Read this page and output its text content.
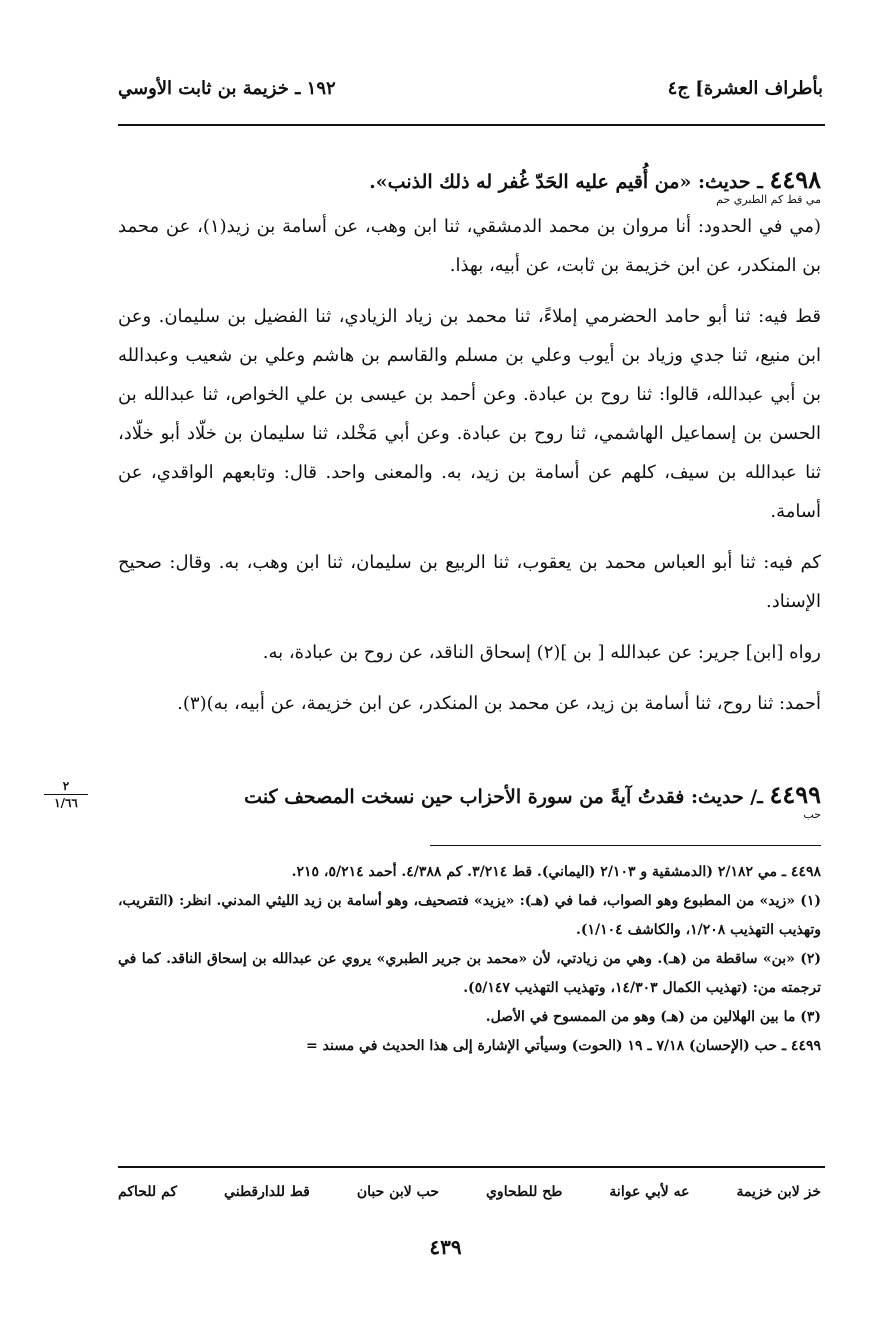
بأطراف العشرة] ج٤
١٩٢ ـ خزيمة بن ثابت الأوسي
٤٤٩٨ ـ حديث: «من أُقيم عليه الحَدّ غُفر له ذلك الذنب».
مي قط كم الطبري حم

(مي في الحدود: أنا مروان بن محمد الدمشقي، ثنا ابن وهب، عن أسامة بن زيد(١)، عن محمد بن المنكدر، عن ابن خزيمة بن ثابت، عن أبيه، بهذا.

قط فيه: ثنا أبو حامد الحضرمي إملاءً، ثنا محمد بن زياد الزيادي، ثنا الفضيل بن سليمان. وعن ابن منيع، ثنا جدي وزياد بن أيوب وعلي بن مسلم والقاسم بن هاشم وعلي بن شعيب وعبدالله بن أبي عبدالله، قالوا: ثنا روح بن عبادة. وعن أحمد بن عيسى بن علي الخواص، ثنا عبدالله بن الحسن بن إسماعيل الهاشمي، ثنا روح بن عبادة. وعن أبي مَخْلد، ثنا سليمان بن خلّاد أبو خلّاد، ثنا عبدالله بن سيف، كلهم عن أسامة بن زيد، به. والمعنى واحد. قال: وتابعهم الواقدي، عن أسامة.

كم فيه: ثنا أبو العباس محمد بن يعقوب، ثنا الربيع بن سليمان، ثنا ابن وهب، به. وقال: صحيح الإسناد.

رواه [ابن] جرير: عن عبدالله [ بن ](٢) إسحاق الناقد، عن روح بن عبادة، به.

أحمد: ثنا روح، ثنا أسامة بن زيد، عن محمد بن المنكدر، عن ابن خزيمة، عن أبيه، به)(٣).

٤٤٩٩ ـ/ حديث: فقدتُ آيةً من سورة الأحزاب حين نسخت المصحف كنت
حب
٢
١/٦٦

٤٤٩٨ ـ مي ٢/١٨٢ (الدمشقية و ٢/١٠٣ (اليماني). قط ٣/٢١٤. كم ٤/٣٨٨. أحمد ٥/٢١٤، ٢١٥.

(١) «زيد» من المطبوع وهو الصواب، فما في (هـ): «يزيد» فتصحيف، وهو أسامة بن زيد الليثي المدني. انظر: (التقريب، وتهذيب التهذيب ١/٢٠٨، والكاشف ١/١٠٤).

(٢) «بن» ساقطة من (هـ). وهي من زيادتي، لأن «محمد بن جرير الطبري» يروي عن عبدالله بن إسحاق الناقد. كما في ترجمته من: (تهذيب الكمال ١٤/٣٠٣، وتهذيب التهذيب ٥/١٤٧).

(٣) ما بين الهلالين من (هـ) وهو من الممسوح في الأصل.

٤٤٩٩ ـ حب (الإحسان) ٧/١٨ ـ ١٩ (الحوت) وسيأتي الإشارة إلى هذا الحديث في مسند =

خز لابن خزيمة
عه لأبي عوانة
طح للطحاوي
حب لابن حبان
قط للدارقطني
كم للحاكم
٤٣٩
